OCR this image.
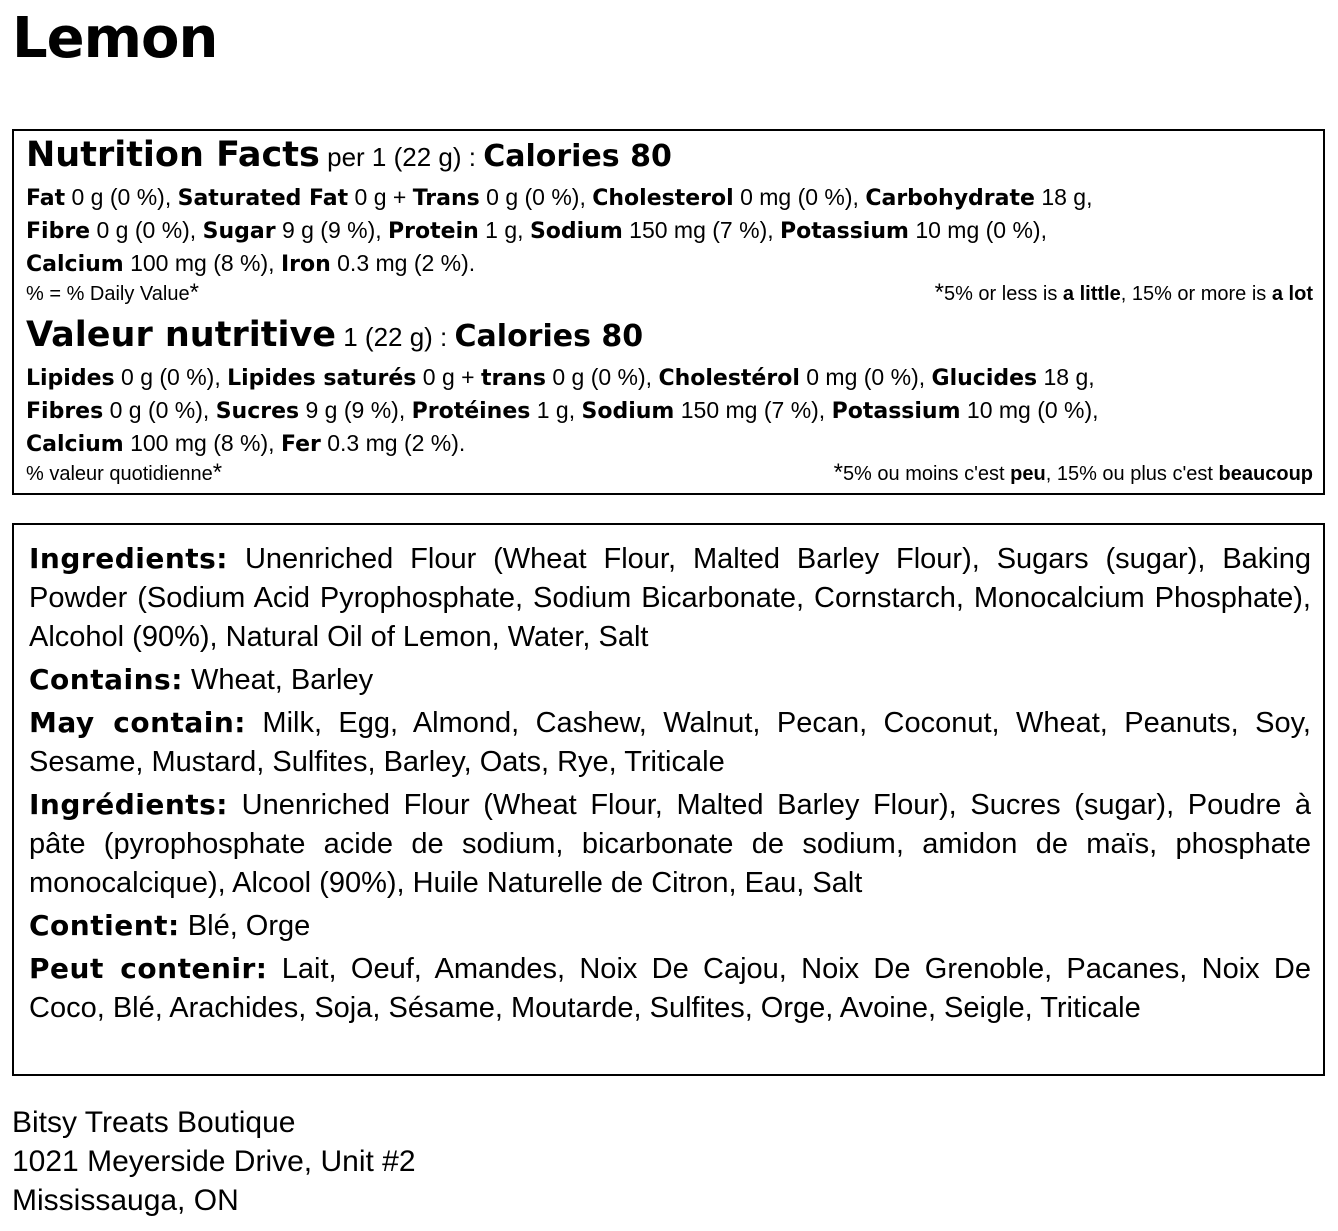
Lemon
Nutrition Facts per 1 (22 g) : Calories 80
Fat 0 g (0 %), Saturated Fat 0 g + Trans 0 g (0 %), Cholesterol 0 mg (0 %), Carbohydrate 18 g,
Fibre 0 g (0 %), Sugar 9 g (9 %), Protein 1 g, Sodium 150 mg (7 %), Potassium 10 mg (0 %),
Calcium 100 mg (8 %), Iron 0.3 mg (2 %).
% = % Daily Value*	*5% or less is a little, 15% or more is a lot
Valeur nutritive 1 (22 g) : Calories 80
Lipides 0 g (0 %), Lipides saturés 0 g + trans 0 g (0 %), Cholestérol 0 mg (0 %), Glucides 18 g,
Fibres 0 g (0 %), Sucres 9 g (9 %), Protéines 1 g, Sodium 150 mg (7 %), Potassium 10 mg (0 %),
Calcium 100 mg (8 %), Fer 0.3 mg (2 %).
% valeur quotidienne*	*5% ou moins c'est peu, 15% ou plus c'est beaucoup

Ingredients: Unenriched Flour (Wheat Flour, Malted Barley Flour), Sugars (sugar), Baking Powder (Sodium Acid Pyrophosphate, Sodium Bicarbonate, Cornstarch, Monocalcium Phosphate), Alcohol (90%), Natural Oil of Lemon, Water, Salt

Contains: Wheat, Barley

May contain: Milk, Egg, Almond, Cashew, Walnut, Pecan, Coconut, Wheat, Peanuts, Soy, Sesame, Mustard, Sulfites, Barley, Oats, Rye, Triticale

Ingrédients: Unenriched Flour (Wheat Flour, Malted Barley Flour), Sucres (sugar), Poudre à pâte (pyrophosphate acide de sodium, bicarbonate de sodium, amidon de maïs, phosphate monocalcique), Alcool (90%), Huile Naturelle de Citron, Eau, Salt

Contient: Blé, Orge

Peut contenir: Lait, Oeuf, Amandes, Noix De Cajou, Noix De Grenoble, Pacanes, Noix De Coco, Blé, Arachides, Soja, Sésame, Moutarde, Sulfites, Orge, Avoine, Seigle, Triticale

Bitsy Treats Boutique
1021 Meyerside Drive, Unit #2
Mississauga, ON
